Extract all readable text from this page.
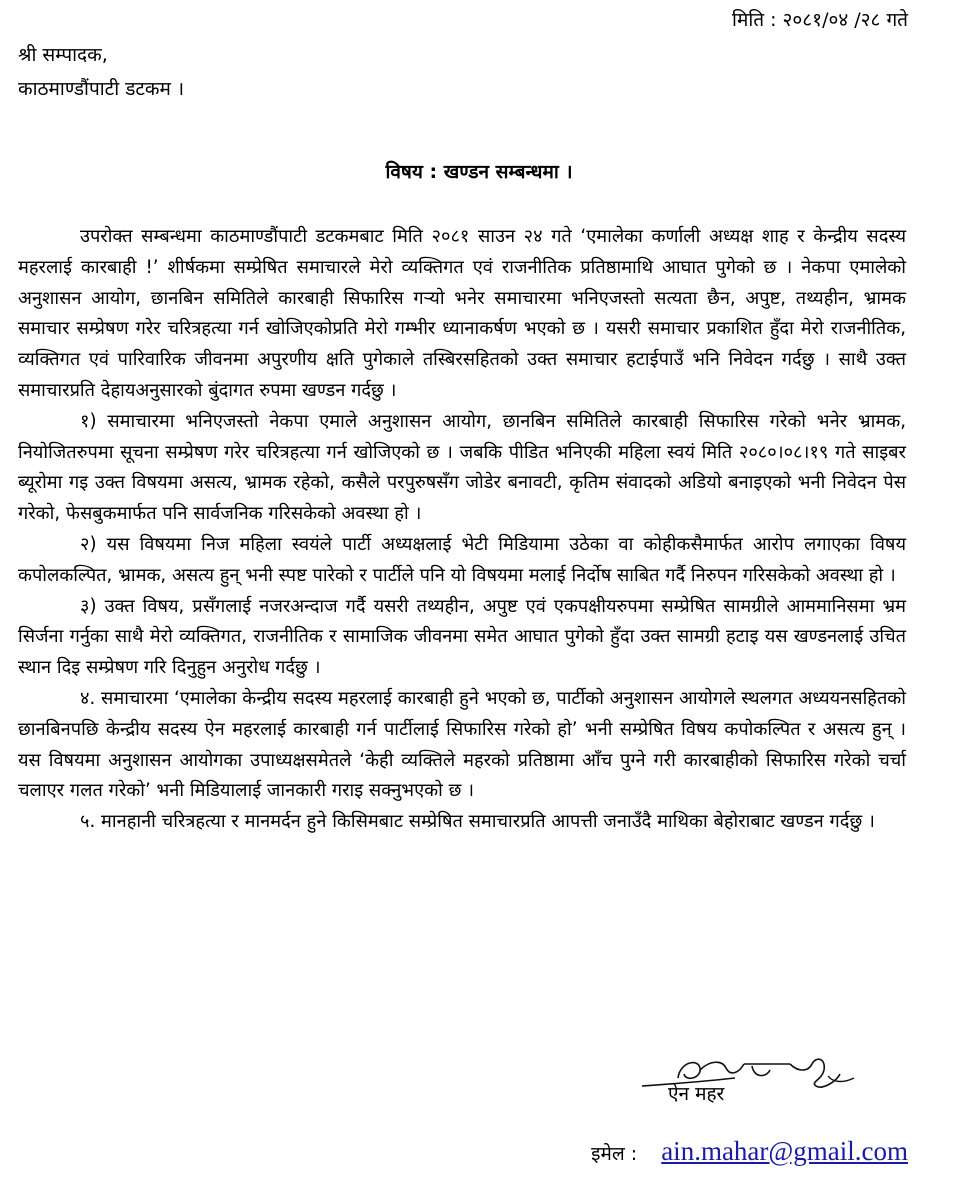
मिति : २०८१/०४ /२८ गते
श्री सम्पादक,
काठमाण्डौंपाटी डटकम ।
विषय : खण्डन सम्बन्धमा ।

उपरोक्त सम्बन्धमा काठमाण्डौंपाटी डटकमबाट मिति २०८१ साउन २४ गते ‘एमालेका कर्णाली अध्यक्ष शाह र केन्द्रीय सदस्य महरलाई कारबाही !’ शीर्षकमा सम्प्रेषित समाचारले मेरो व्यक्तिगत एवं राजनीतिक प्रतिष्ठामाथि आघात पुगेको छ । नेकपा एमालेको अनुशासन आयोग, छानबिन समितिले कारबाही सिफारिस गर्‍यो भनेर समाचारमा भनिएजस्तो सत्यता छैन, अपुष्ट, तथ्यहीन, भ्रामक समाचार सम्प्रेषण गरेर चरित्रहत्या गर्न खोजिएकोप्रति मेरो गम्भीर ध्यानाकर्षण भएको छ । यसरी समाचार प्रकाशित हुँदा मेरो राजनीतिक, व्यक्तिगत एवं पारिवारिक जीवनमा अपुरणीय क्षति पुगेकाले तस्बिरसहितको उक्त समाचार हटाईपाउँ भनि निवेदन गर्दछु । साथै उक्त समाचारप्रति देहायअनुसारको बुंदागत रुपमा खण्डन गर्दछु ।

१) समाचारमा भनिएजस्तो नेकपा एमाले अनुशासन आयोग, छानबिन समितिले कारबाही सिफारिस गरेको भनेर भ्रामक, नियोजितरुपमा सूचना सम्प्रेषण गरेर चरित्रहत्या गर्न खोजिएको छ । जबकि पीडित भनिएकी महिला स्वयं मिति २०८०।०८।१९ गते साइबर ब्यूरोमा गइ उक्त विषयमा असत्य, भ्रामक रहेको, कसैले परपुरुषसँग जोडेर बनावटी, कृतिम संवादको अडियो बनाइएको भनी निवेदन पेस गरेको, फेसबुकमार्फत पनि सार्वजनिक गरिसकेको अवस्था हो ।

२) यस विषयमा निज महिला स्वयंले पार्टी अध्यक्षलाई भेटी मिडियामा उठेका वा कोहीकसैमार्फत आरोप लगाएका विषय कपोलकल्पित, भ्रामक, असत्य हुन् भनी स्पष्ट पारेको र पार्टीले पनि यो विषयमा मलाई निर्दोष साबित गर्दै निरुपन गरिसकेको अवस्था हो ।

३) उक्त विषय, प्रसँगलाई नजरअन्दाज गर्दै यसरी तथ्यहीन, अपुष्ट एवं एकपक्षीयरुपमा सम्प्रेषित सामग्रीले आममानिसमा भ्रम सिर्जना गर्नुका साथै मेरो व्यक्तिगत, राजनीतिक र सामाजिक जीवनमा समेत आघात पुगेको हुँदा उक्त सामग्री हटाइ यस खण्डनलाई उचित स्थान दिइ सम्प्रेषण गरि दिनुहुन अनुरोध गर्दछु ।

४. समाचारमा ‘एमालेका केन्द्रीय सदस्य महरलाई कारबाही हुने भएको छ, पार्टीको अनुशासन आयोगले स्थलगत अध्ययनसहितको छानबिनपछि केन्द्रीय सदस्य ऐन महरलाई कारबाही गर्न पार्टीलाई सिफारिस गरेको हो’ भनी सम्प्रेषित विषय कपोकल्पित र असत्य हुन् । यस विषयमा अनुशासन आयोगका उपाध्यक्षसमेतले ‘केही व्यक्तिले महरको प्रतिष्ठामा आँच पुग्ने गरी कारबाहीको सिफारिस गरेको चर्चा चलाएर गलत गरेको’ भनी मिडियालाई जानकारी गराइ सक्नुभएको छ ।

५. मानहानी चरित्रहत्या र मानमर्दन हुने किसिमबाट सम्प्रेषित समाचारप्रति आपत्ती जनाउँदै माथिका बेहोराबाट खण्डन गर्दछु ।

ऐन महर
इमेल : ain.mahar@gmail.com
